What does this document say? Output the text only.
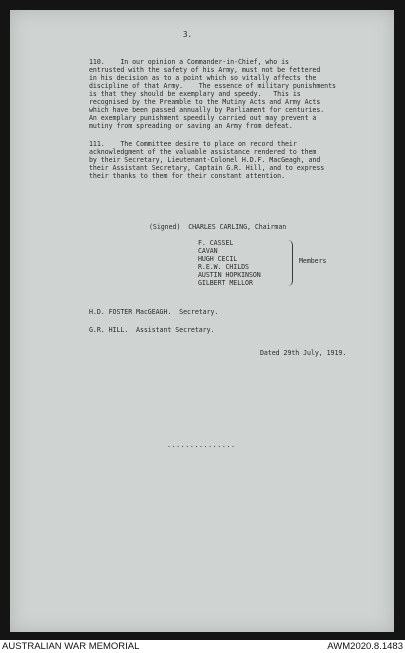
3.
110.    In our opinion a Commander-in-Chief, who is
entrusted with the safety of his Army, must not be fettered
in his decision as to a point which so vitally affects the
discipline of that Army.    The essence of military punishments
is that they should be exemplary and speedy.   This is
recognised by the Preamble to the Mutiny Acts and Army Acts
which have been passed annually by Parliament for centuries.
An exemplary punishment speedily carried out may prevent a
mutiny from spreading or saving an Army from defeat.
111.    The Committee desire to place on record their
acknowledgment of the valuable assistance rendered to them
by their Secretary, Lieutenant-Colonel H.D.F. MacGeagh, and
their Assistant Secretary, Captain G.R. Hill, and to express
their thanks to them for their constant attention.
(Signed)  CHARLES CARLING, Chairman
F. CASSEL
CAVAN
HUGH CECIL
R.E.W. CHILDS
AUSTIN HOPKINSON
GILBERT MELLOR
Members
H.D. FOSTER MacGEAGH.  Secretary.
G.R. HILL.  Assistant Secretary.
Dated 29th July, 1919.
...............
AUSTRALIAN WAR MEMORIAL	AWM2020.8.1483
